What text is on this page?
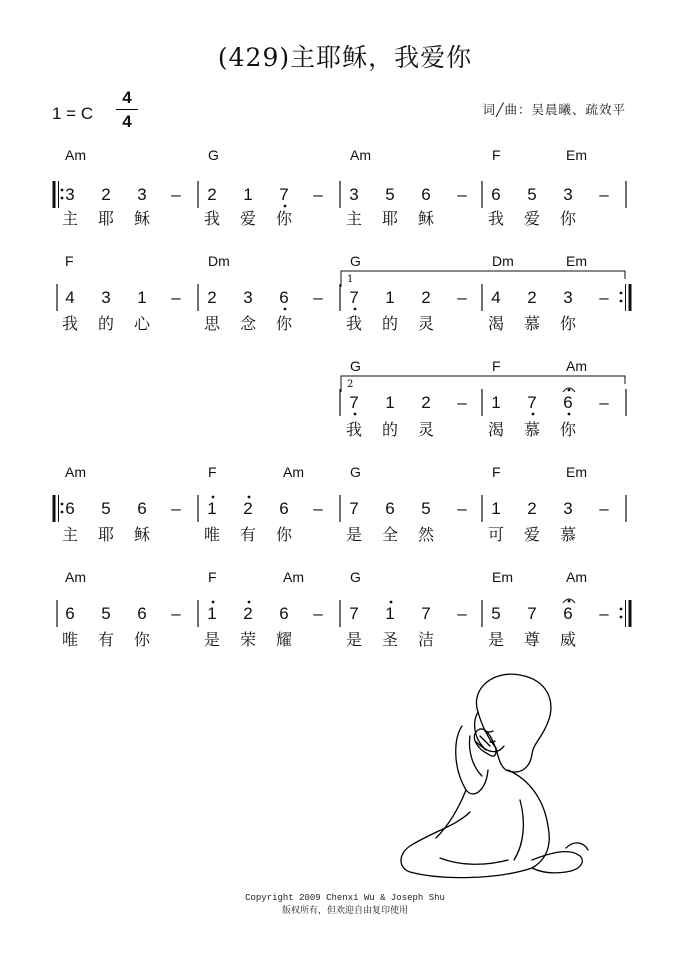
(429)主耶稣，我爱你
1 = C
4
4
词╱曲：吴晨曦、疏效平
Am	G	Am	F	Em
3 2 3 – 2 1 7 – 3 5 6 – 6 5 3 –
主 耶 稣	我 爱 你	主 耶 稣	我 爱 你
F	Dm	G	Dm	Em
1
4 3 1 – 2 3 6 – 7 1 2 – 4 2 3 –
我 的 心	思 念 你	我 的 灵	渴 慕 你
G	F	Am
2
7 1 2 – 1 7 6 –
我 的 灵	渴 慕 你
Am	F	Am	G	F	Em
6 5 6 – 1 2 6 – 7 6 5 – 1 2 3 –
主 耶 稣	唯 有 你	是 全 然	可 爱 慕
Am	F	Am	G	Em	Am
6 5 6 – 1 2 6 – 7 1 7 – 5 7 6 –
唯 有 你	是 荣 耀	是 圣 洁	是 尊 威
Copyright 2009 Chenxi Wu & Joseph Shu
版权所有，但欢迎自由复印使用
